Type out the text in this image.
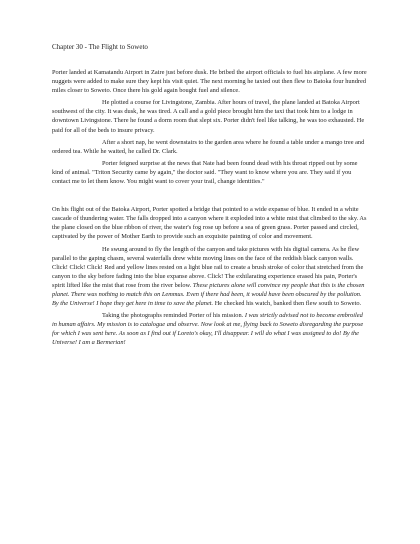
Chapter 30 - The Flight to Soweto

Porter landed at Kamatandu Airport in Zaire just before dusk. He bribed the airport officials to fuel his airplane. A few more nuggets were added to make sure they kept his visit quiet. The next morning he taxied out then flew to Batoka four hundred miles closer to Soweto. Once there his gold again bought fuel and silence.

He plotted a course for Livingstone, Zambia. After hours of travel, the plane landed at Batoka Airport southwest of the city. It was dusk, he was tired. A call and a gold piece brought him the taxi that took him to a lodge in downtown Livingstone. There he found a dorm room that slept six. Porter didn't feel like talking, he was too exhausted. He paid for all of the beds to insure privacy.

After a short nap, he went downstairs to the garden area where he found a table under a mango tree and ordered tea. While he waited, he called Dr. Clark.

Porter feigned surprise at the news that Nate had been found dead with his throat ripped out by some kind of animal. "Triton Security came by again," the doctor said. "They want to know where you are. They said if you contact me to let them know. You might want to cover your trail, change identities."

On his flight out of the Batoka Airport, Porter spotted a bridge that pointed to a wide expanse of blue. It ended in a white cascade of thundering water. The falls dropped into a canyon where it exploded into a white mist that climbed to the sky. As the plane closed on the blue ribbon of river, the water's fog rose up before a sea of green grass. Porter passed and circled, captivated by the power of Mother Earth to provide such an exquisite painting of color and movement.

He swung around to fly the length of the canyon and take pictures with his digital camera. As he flew parallel to the gaping chasm, several waterfalls drew white moving lines on the face of the reddish black canyon walls. Click! Click! Click! Red and yellow lines rested on a light blue rail to create a brush stroke of color that stretched from the canyon to the sky before fading into the blue expanse above. Click! The exhilarating experience erased his pain, Porter's spirit lifted like the mist that rose from the river below. These pictures alone will convince my people that this is the chosen planet. There was nothing to match this on Lemmus. Even if there had been, it would have been obscured by the pollution. By the Universe! I hope they get here in time to save the planet. He checked his watch, banked then flew south to Soweto.

Taking the photographs reminded Porter of his mission. I was strictly advised not to become embroiled in human affairs. My mission is to catalogue and observe. Now look at me, flying back to Soweto disregarding the purpose for which I was sent here. As soon as I find out if Loreto's okay, I'll disappear. I will do what I was assigned to do! By the Universe! I am a Bermerian!
